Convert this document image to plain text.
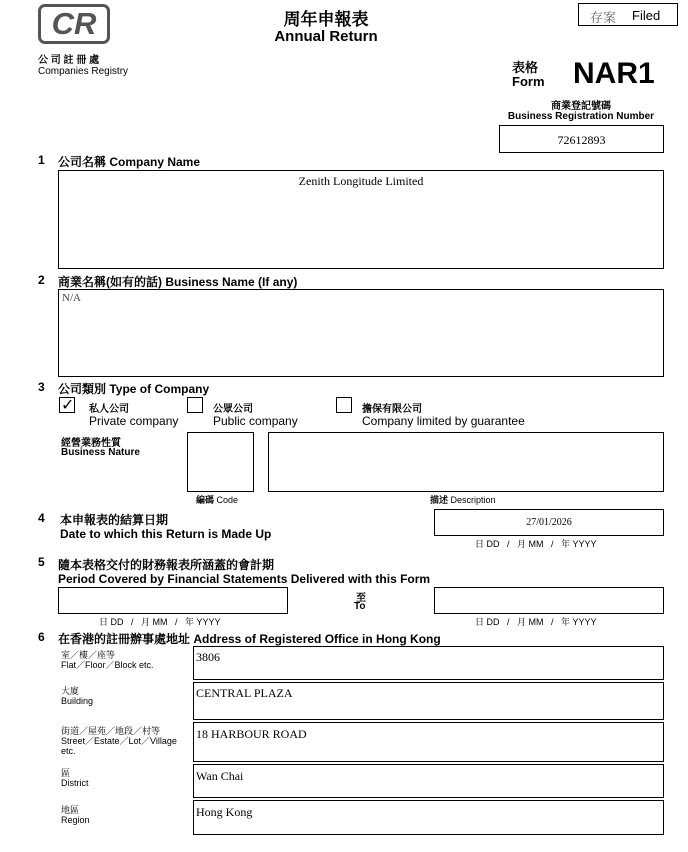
CR
公 司 註 冊 處
Companies Registry
周年申報表
Annual Return
存案 Filed
表格
Form NAR1
商業登記號碼
Business Registration Number
72612893
1 公司名稱 Company Name
Zenith Longitude Limited
2 商業名稱(如有的話) Business Name (If any)
N/A
3 公司類別 Type of Company
✓ 私人公司
Private company
公眾公司
Public company
擔保有限公司
Company limited by guarantee
經營業務性質
Business Nature
編碼 Code	描述 Description
4 本申報表的結算日期
Date to which this Return is Made Up
27/01/2026
日 DD   /   月 MM   /   年 YYYY
5 隨本表格交付的財務報表所涵蓋的會計期
Period Covered by Financial Statements Delivered with this Form
日 DD   /   月 MM   /   年 YYYY
至
To
日 DD   /   月 MM   /   年 YYYY
6 在香港的註冊辦事處地址 Address of Registered Office in Hong Kong
室／樓／座等
Flat／Floor／Block etc.
3806
大廈
Building
CENTRAL PLAZA
街道／屋苑／地段／村等
Street／Estate／Lot／Village etc.
18 HARBOUR ROAD
區
District	Wan Chai
地區
Region
Hong Kong
